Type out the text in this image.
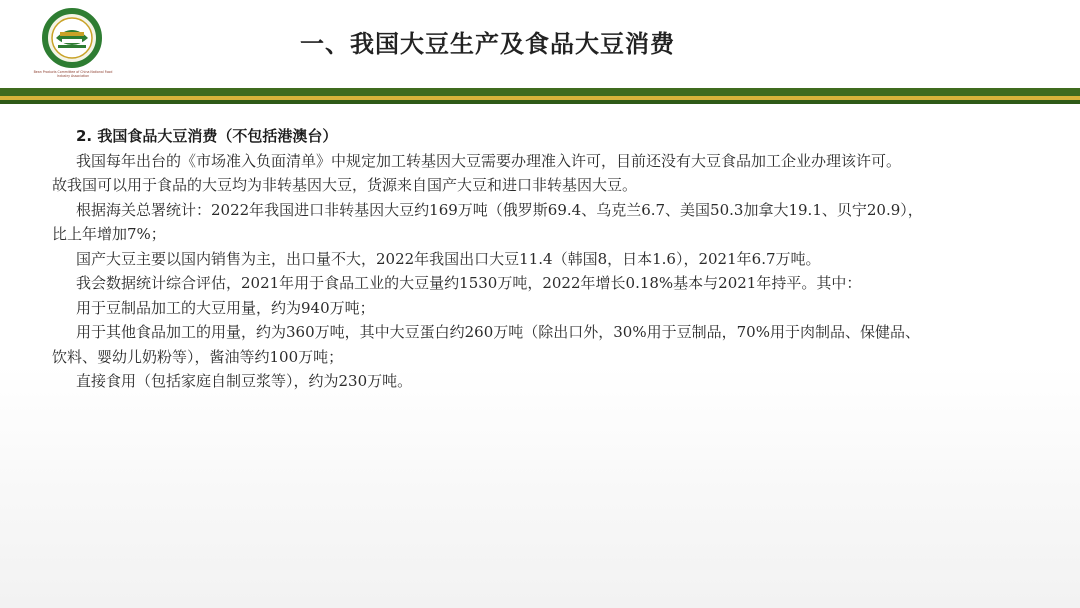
Bean Products Committee of China National Food Industry Association
一、我国大豆生产及食品大豆消费

2. 我国食品大豆消费（不包括港澳台）

我国每年出台的《市场准入负面清单》中规定加工转基因大豆需要办理准入许可，目前还没有大豆食品加工企业办理该许可。

故我国可以用于食品的大豆均为非转基因大豆，货源来自国产大豆和进口非转基因大豆。

根据海关总署统计：2022年我国进口非转基因大豆约169万吨（俄罗斯69.4、乌克兰6.7、美国50.3加拿大19.1、贝宁20.9），

比上年增加7%；

国产大豆主要以国内销售为主，出口量不大，2022年我国出口大豆11.4（韩国8，日本1.6），2021年6.7万吨。

我会数据统计综合评估，2021年用于食品工业的大豆量约1530万吨，2022年增长0.18%基本与2021年持平。其中：

用于豆制品加工的大豆用量，约为940万吨；

用于其他食品加工的用量，约为360万吨，其中大豆蛋白约260万吨（除出口外，30%用于豆制品，70%用于肉制品、保健品、

饮料、婴幼儿奶粉等），酱油等约100万吨；

直接食用（包括家庭自制豆浆等），约为230万吨。
